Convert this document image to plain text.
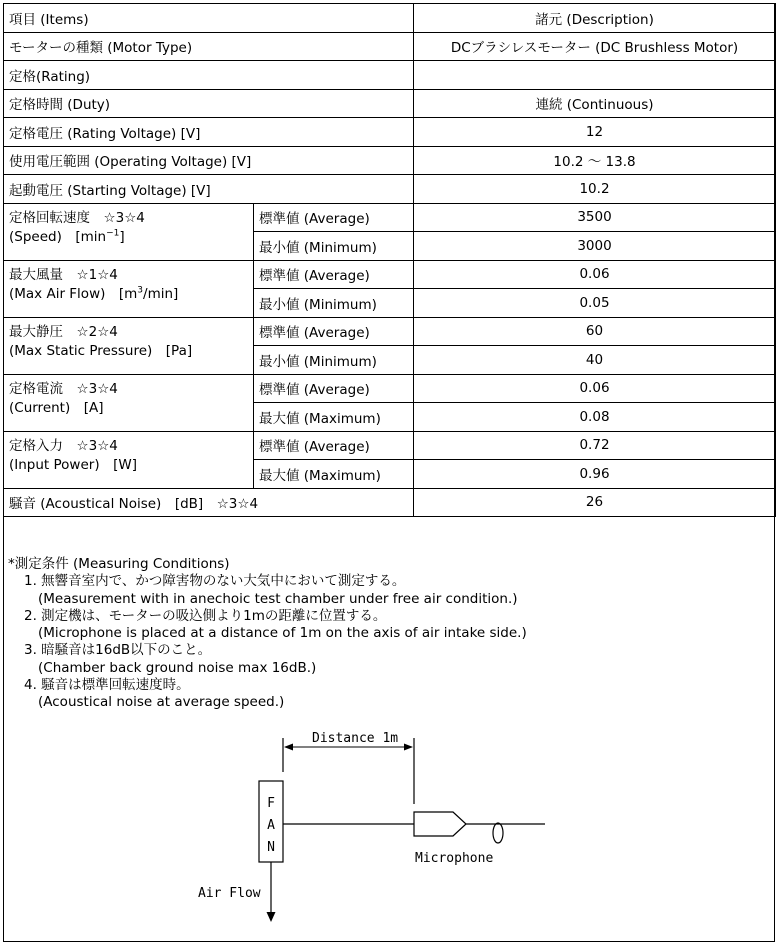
項目 (Items)		諸元 (Description)
モーターの種類 (Motor Type)		DCブラシレスモーター (DC Brushless Motor)
定格(Rating)		
定格時間 (Duty)		連続 (Continuous)
定格電圧 (Rating Voltage) [V]		12
使用電圧範囲 (Operating Voltage) [V]		10.2 ～ 13.8
起動電圧 (Starting Voltage) [V]		10.2
定格回転速度　☆3☆4
(Speed)　$[\min^{-1}]$	標準値 (Average)	3500
	最小値 (Minimum)	3000
最大風量　☆1☆4
(Max Air Flow)　$[m^3/\min]$	標準値 (Average)	0.06
	最小値 (Minimum)	0.05
最大静圧　☆2☆4
(Max Static Pressure)　[Pa]	標準値 (Average)	60
	最小値 (Minimum)	40
定格電流　☆3☆4
(Current)　[A]	標準値 (Average)	0.06
	最大値 (Maximum)	0.08
定格入力　☆3☆4
(Input Power)　[W]	標準値 (Average)	0.72
	最大値 (Maximum)	0.96
騒音 (Acoustical Noise)　[dB]　☆3☆4		26
*測定条件 (Measuring Conditions)
1. 無響音室内で、かつ障害物のない大気中において測定する。
(Measurement with in anechoic test chamber under free air condition.)
2. 測定機は、モーターの吸込側より1mの距離に位置する。
(Microphone is placed at a distance of 1m on the axis of air intake side.)
3. 暗騒音は16dB以下のこと。
(Chamber back ground noise max 16dB.)
4. 騒音は標準回転速度時。
(Acoustical noise at average speed.)
Distance 1m
F
A
N
Microphone
Air Flow
